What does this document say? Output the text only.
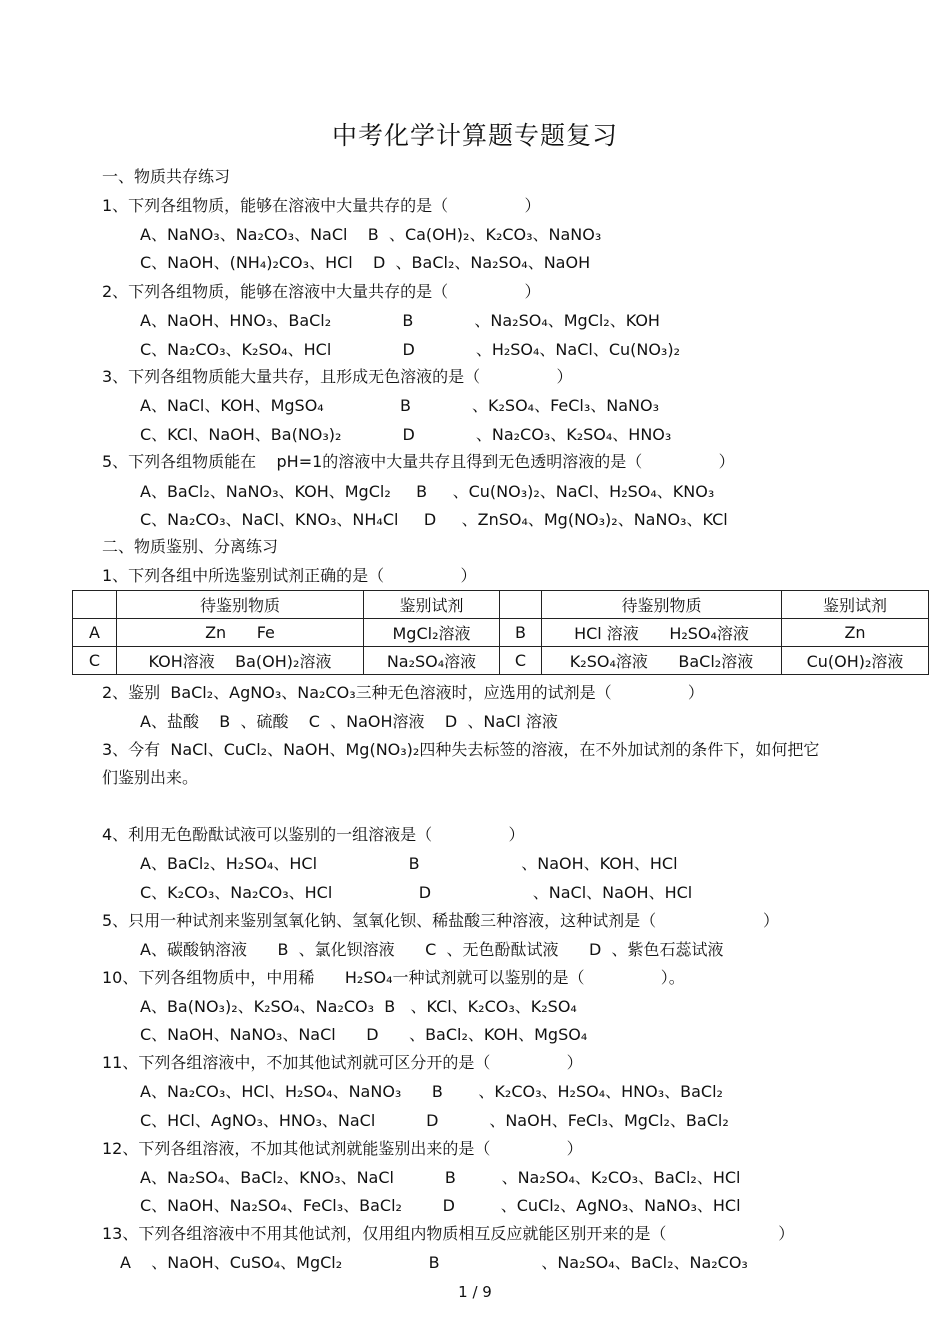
中考化学计算题专题复习
一、物质共存练习
1、下列各组物质，能够在溶液中大量共存的是（               ）
A、NaNO₃、Na₂CO₃、NaCl    B  、Ca(OH)₂、K₂CO₃、NaNO₃
C、NaOH、(NH₄)₂CO₃、HCl    D  、BaCl₂、Na₂SO₄、NaOH
2、下列各组物质，能够在溶液中大量共存的是（               ）
A、NaOH、HNO₃、BaCl₂              B            、Na₂SO₄、MgCl₂、KOH
C、Na₂CO₃、K₂SO₄、HCl              D            、H₂SO₄、NaCl、Cu(NO₃)₂
3、下列各组物质能大量共存，且形成无色溶液的是（               ）
A、NaCl、KOH、MgSO₄               B            、K₂SO₄、FeCl₃、NaNO₃
C、KCl、NaOH、Ba(NO₃)₂            D            、Na₂CO₃、K₂SO₄、HNO₃
5、下列各组物质能在    pH=1的溶液中大量共存且得到无色透明溶液的是（               ）
A、BaCl₂、NaNO₃、KOH、MgCl₂     B     、Cu(NO₃)₂、NaCl、H₂SO₄、KNO₃
C、Na₂CO₃、NaCl、KNO₃、NH₄Cl     D     、ZnSO₄、Mg(NO₃)₂、NaNO₃、KCl
二、物质鉴别、分离练习
1、下列各组中所选鉴别试剂正确的是（               ）
2、鉴别  BaCl₂、AgNO₃、Na₂CO₃三种无色溶液时，应选用的试剂是（               ）
A、盐酸    B  、硫酸    C  、NaOH溶液    D  、NaCl 溶液
3、今有  NaCl、CuCl₂、NaOH、Mg(NO₃)₂四种失去标签的溶液，在不外加试剂的条件下，如何把它
们鉴别出来。
4、利用无色酚酞试液可以鉴别的一组溶液是（               ）
A、BaCl₂、H₂SO₄、HCl                  B                    、NaOH、KOH、HCl
C、K₂CO₃、Na₂CO₃、HCl                 D                    、NaCl、NaOH、HCl
5、只用一种试剂来鉴别氢氧化钠、氢氧化钡、稀盐酸三种溶液，这种试剂是（                     ）
A、碳酸钠溶液      B  、氯化钡溶液      C  、无色酚酞试液      D  、紫色石蕊试液
10、下列各组物质中，中用稀      H₂SO₄一种试剂就可以鉴别的是（               ）。
A、Ba(NO₃)₂、K₂SO₄、Na₂CO₃  B   、KCl、K₂CO₃、K₂SO₄
C、NaOH、NaNO₃、NaCl      D      、BaCl₂、KOH、MgSO₄
11、下列各组溶液中，不加其他试剂就可区分开的是（               ）
A、Na₂CO₃、HCl、H₂SO₄、NaNO₃      B       、K₂CO₃、H₂SO₄、HNO₃、BaCl₂
C、HCl、AgNO₃、HNO₃、NaCl          D          、NaOH、FeCl₃、MgCl₂、BaCl₂
12、下列各组溶液，不加其他试剂就能鉴别出来的是（               ）
A、Na₂SO₄、BaCl₂、KNO₃、NaCl          B         、Na₂SO₄、K₂CO₃、BaCl₂、HCl
C、NaOH、Na₂SO₄、FeCl₃、BaCl₂        D         、CuCl₂、AgNO₃、NaNO₃、HCl
13、下列各组溶液中不用其他试剂，仅用组内物质相互反应就能区别开来的是（                      ）
A    、NaOH、CuSO₄、MgCl₂                 B                    、Na₂SO₄、BaCl₂、Na₂CO₃
	待鉴别物质	鉴别试剂		待鉴别物质	鉴别试剂
A	Zn      Fe	MgCl₂溶液	B	HCl 溶液      H₂SO₄溶液	Zn
C	KOH溶液    Ba(OH)₂溶液	Na₂SO₄溶液	C	K₂SO₄溶液      BaCl₂溶液	Cu(OH)₂溶液
1 / 9
